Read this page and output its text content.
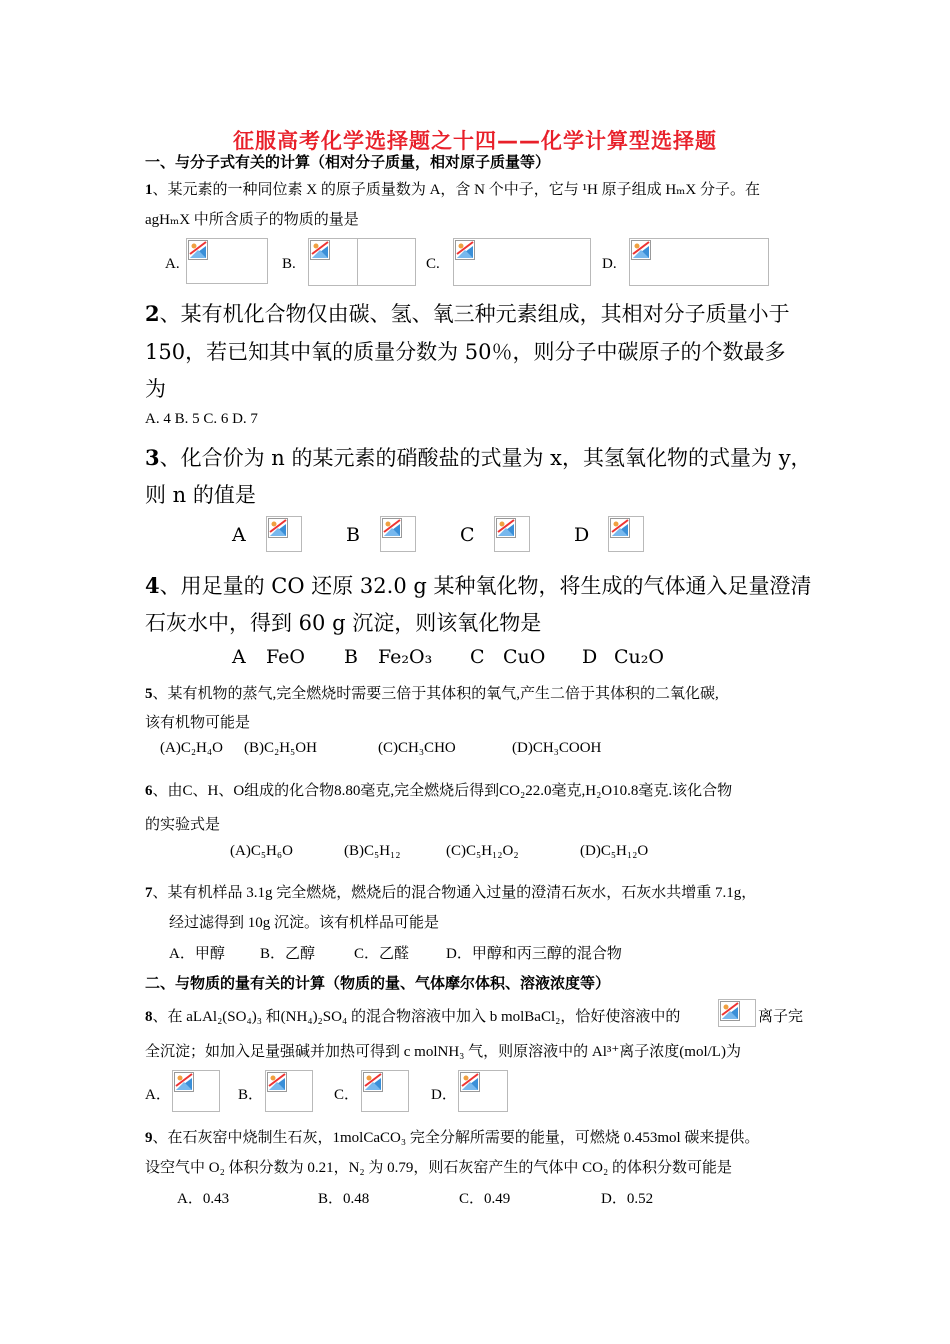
征服高考化学选择题之十四——化学计算型选择题
一、与分子式有关的计算（相对分子质量，相对原子质量等）
1、某元素的一种同位素 X 的原子质量数为 A，含 N 个中子，它与 ¹H 原子组成 HₘX 分子。在
agHₘX 中所含质子的物质的量是
A.	B.	C.	D.
2、某有机化合物仅由碳、氢、氧三种元素组成，其相对分子质量小于
150，若已知其中氧的质量分数为 50％，则分子中碳原子的个数最多
为
A. 4 B. 5 C. 6 D. 7
3、化合价为 n 的某元素的硝酸盐的式量为 x，其氢氧化物的式量为 y，
则 n 的值是
A	B	C	D
4、用足量的 CO 还原 32.0 g 某种氧化物，将生成的气体通入足量澄清
石灰水中，得到 60 g 沉淀，则该氧化物是
A FeO B Fe₂O₃ C CuO D Cu₂O
5、某有机物的蒸气,完全燃烧时需要三倍于其体积的氧气,产生二倍于其体积的二氧化碳,
该有机物可能是
(A)C₂H₄O (B)C₂H₅OH	(C)CH₃CHO	(D)CH₃COOH
6、由C、H、O组成的化合物8.80毫克,完全燃烧后得到CO₂22.0毫克,H₂O10.8毫克.该化合物
的实验式是
(A)C₅H₆O	(B)C₅H₁₂	(C)C₅H₁₂O₂	(D)C₅H₁₂O
7、某有机样品 3.1g 完全燃烧，燃烧后的混合物通入过量的澄清石灰水，石灰水共增重 7.1g，
经过滤得到 10g 沉淀。该有机样品可能是
A．甲醇 B．乙醇	C．乙醛 D．甲醇和丙三醇的混合物
二、与物质的量有关的计算（物质的量、气体摩尔体积、溶液浓度等）
8、在 aLAl₂(SO₄)₃ 和(NH₄)₂SO₄ 的混合物溶液中加入 b molBaCl₂，恰好使溶液中的	离子完
全沉淀；如加入足量强碱并加热可得到 c molNH₃ 气，则原溶液中的 Al³⁺离子浓度(mol/L)为
A．	B．	C．	D．
9、在石灰窑中烧制生石灰，1molCaCO₃ 完全分解所需要的能量，可燃烧 0.453mol 碳来提供。
设空气中 O₂ 体积分数为 0.21，N₂ 为 0.79，则石灰窑产生的气体中 CO₂ 的体积分数可能是
A．0.43	B．0.48	C．0.49	D．0.52
